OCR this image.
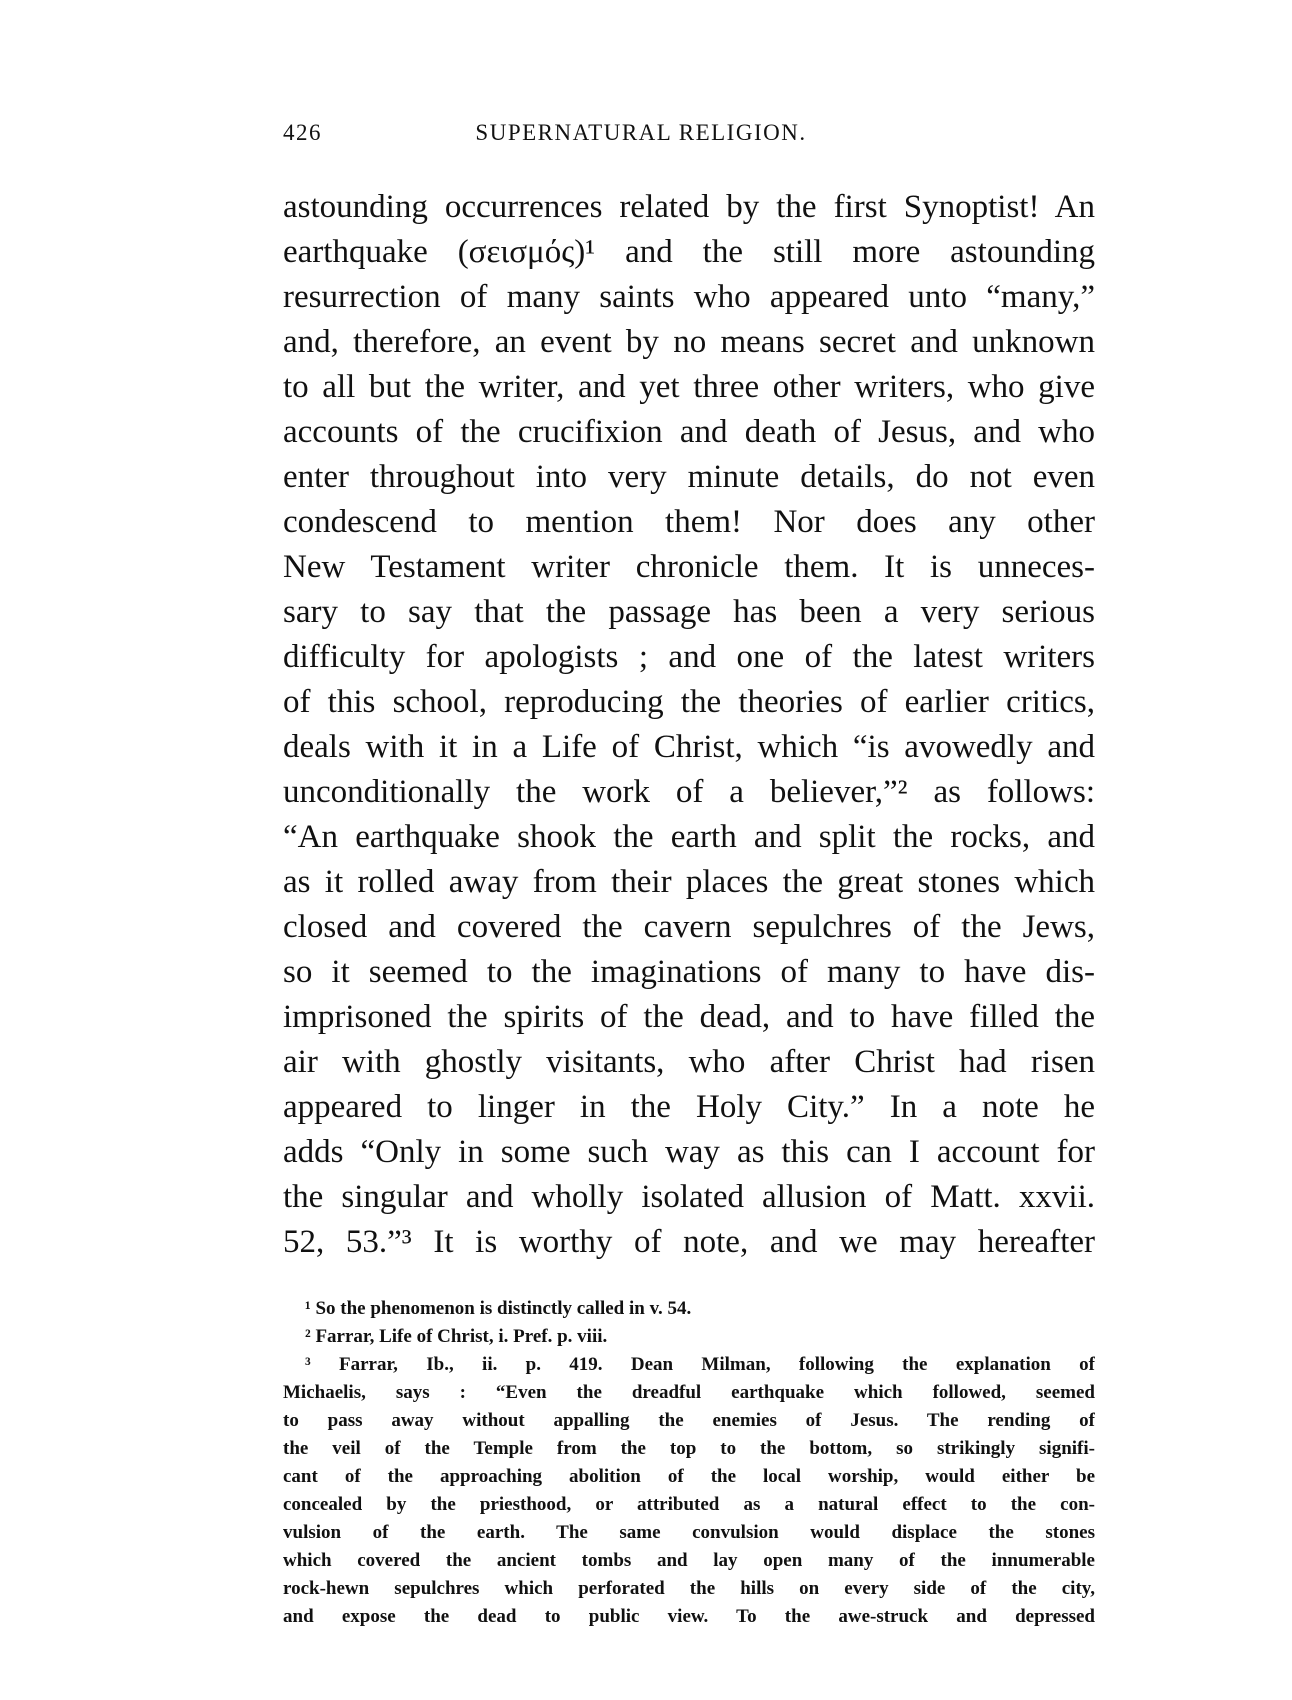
426	SUPERNATURAL RELIGION.
astounding occurrences related by the first Synoptist! An
earthquake (σεισμός)¹ and the still more astounding
resurrection of many saints who appeared unto “many,”
and, therefore, an event by no means secret and unknown
to all but the writer, and yet three other writers, who give
accounts of the crucifixion and death of Jesus, and who
enter throughout into very minute details, do not even
condescend to mention them! Nor does any other
New Testament writer chronicle them. It is unneces-
sary to say that the passage has been a very serious
difficulty for apologists ; and one of the latest writers
of this school, reproducing the theories of earlier critics,
deals with it in a Life of Christ, which “is avowedly and
unconditionally the work of a believer,”² as follows:
“An earthquake shook the earth and split the rocks, and
as it rolled away from their places the great stones which
closed and covered the cavern sepulchres of the Jews,
so it seemed to the imaginations of many to have dis-
imprisoned the spirits of the dead, and to have filled the
air with ghostly visitants, who after Christ had risen
appeared to linger in the Holy City.” In a note he
adds “Only in some such way as this can I account for
the singular and wholly isolated allusion of Matt. xxvii.
52, 53.”³ It is worthy of note, and we may hereafter
¹ So the phenomenon is distinctly called in v. 54.
² Farrar, Life of Christ, i. Pref. p. viii.
³ Farrar, Ib., ii. p. 419. Dean Milman, following the explanation of
Michaelis, says : “Even the dreadful earthquake which followed, seemed
to pass away without appalling the enemies of Jesus. The rending of
the veil of the Temple from the top to the bottom, so strikingly signifi-
cant of the approaching abolition of the local worship, would either be
concealed by the priesthood, or attributed as a natural effect to the con-
vulsion of the earth. The same convulsion would displace the stones
which covered the ancient tombs and lay open many of the innumerable
rock-hewn sepulchres which perforated the hills on every side of the city,
and expose the dead to public view. To the awe-struck and depressed
